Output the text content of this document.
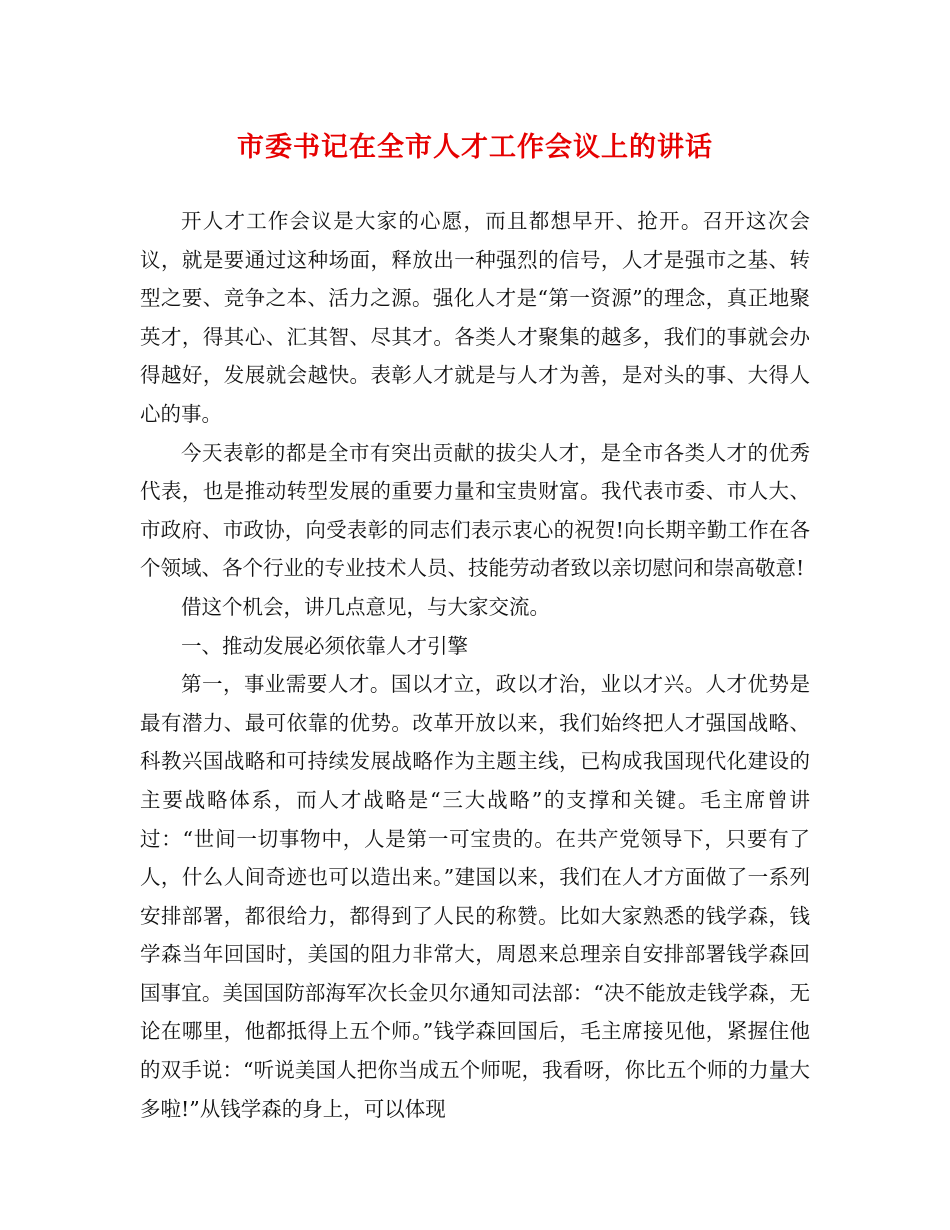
市委书记在全市人才工作会议上的讲话

开人才工作会议是大家的心愿，而且都想早开、抢开。召开这次会议，就是要通过这种场面，释放出一种强烈的信号，人才是强市之基、转型之要、竞争之本、活力之源。强化人才是“第一资源”的理念，真正地聚英才，得其心、汇其智、尽其才。各类人才聚集的越多，我们的事就会办得越好，发展就会越快。表彰人才就是与人才为善，是对头的事、大得人心的事。

今天表彰的都是全市有突出贡献的拔尖人才，是全市各类人才的优秀代表，也是推动转型发展的重要力量和宝贵财富。我代表市委、市人大、市政府、市政协，向受表彰的同志们表示衷心的祝贺!向长期辛勤工作在各个领域、各个行业的专业技术人员、技能劳动者致以亲切慰问和崇高敬意!

借这个机会，讲几点意见，与大家交流。

一、推动发展必须依靠人才引擎

第一，事业需要人才。国以才立，政以才治，业以才兴。人才优势是最有潜力、最可依靠的优势。改革开放以来，我们始终把人才强国战略、科教兴国战略和可持续发展战略作为主题主线，已构成我国现代化建设的主要战略体系，而人才战略是“三大战略”的支撑和关键。毛主席曾讲过：“世间一切事物中，人是第一可宝贵的。在共产党领导下，只要有了人，什么人间奇迹也可以造出来。”建国以来，我们在人才方面做了一系列安排部署，都很给力，都得到了人民的称赞。比如大家熟悉的钱学森，钱学森当年回国时，美国的阻力非常大，周恩来总理亲自安排部署钱学森回国事宜。美国国防部海军次长金贝尔通知司法部：“决不能放走钱学森，无论在哪里，他都抵得上五个师。”钱学森回国后，毛主席接见他，紧握住他的双手说：“听说美国人把你当成五个师呢，我看呀，你比五个师的力量大多啦!”从钱学森的身上，可以体现
